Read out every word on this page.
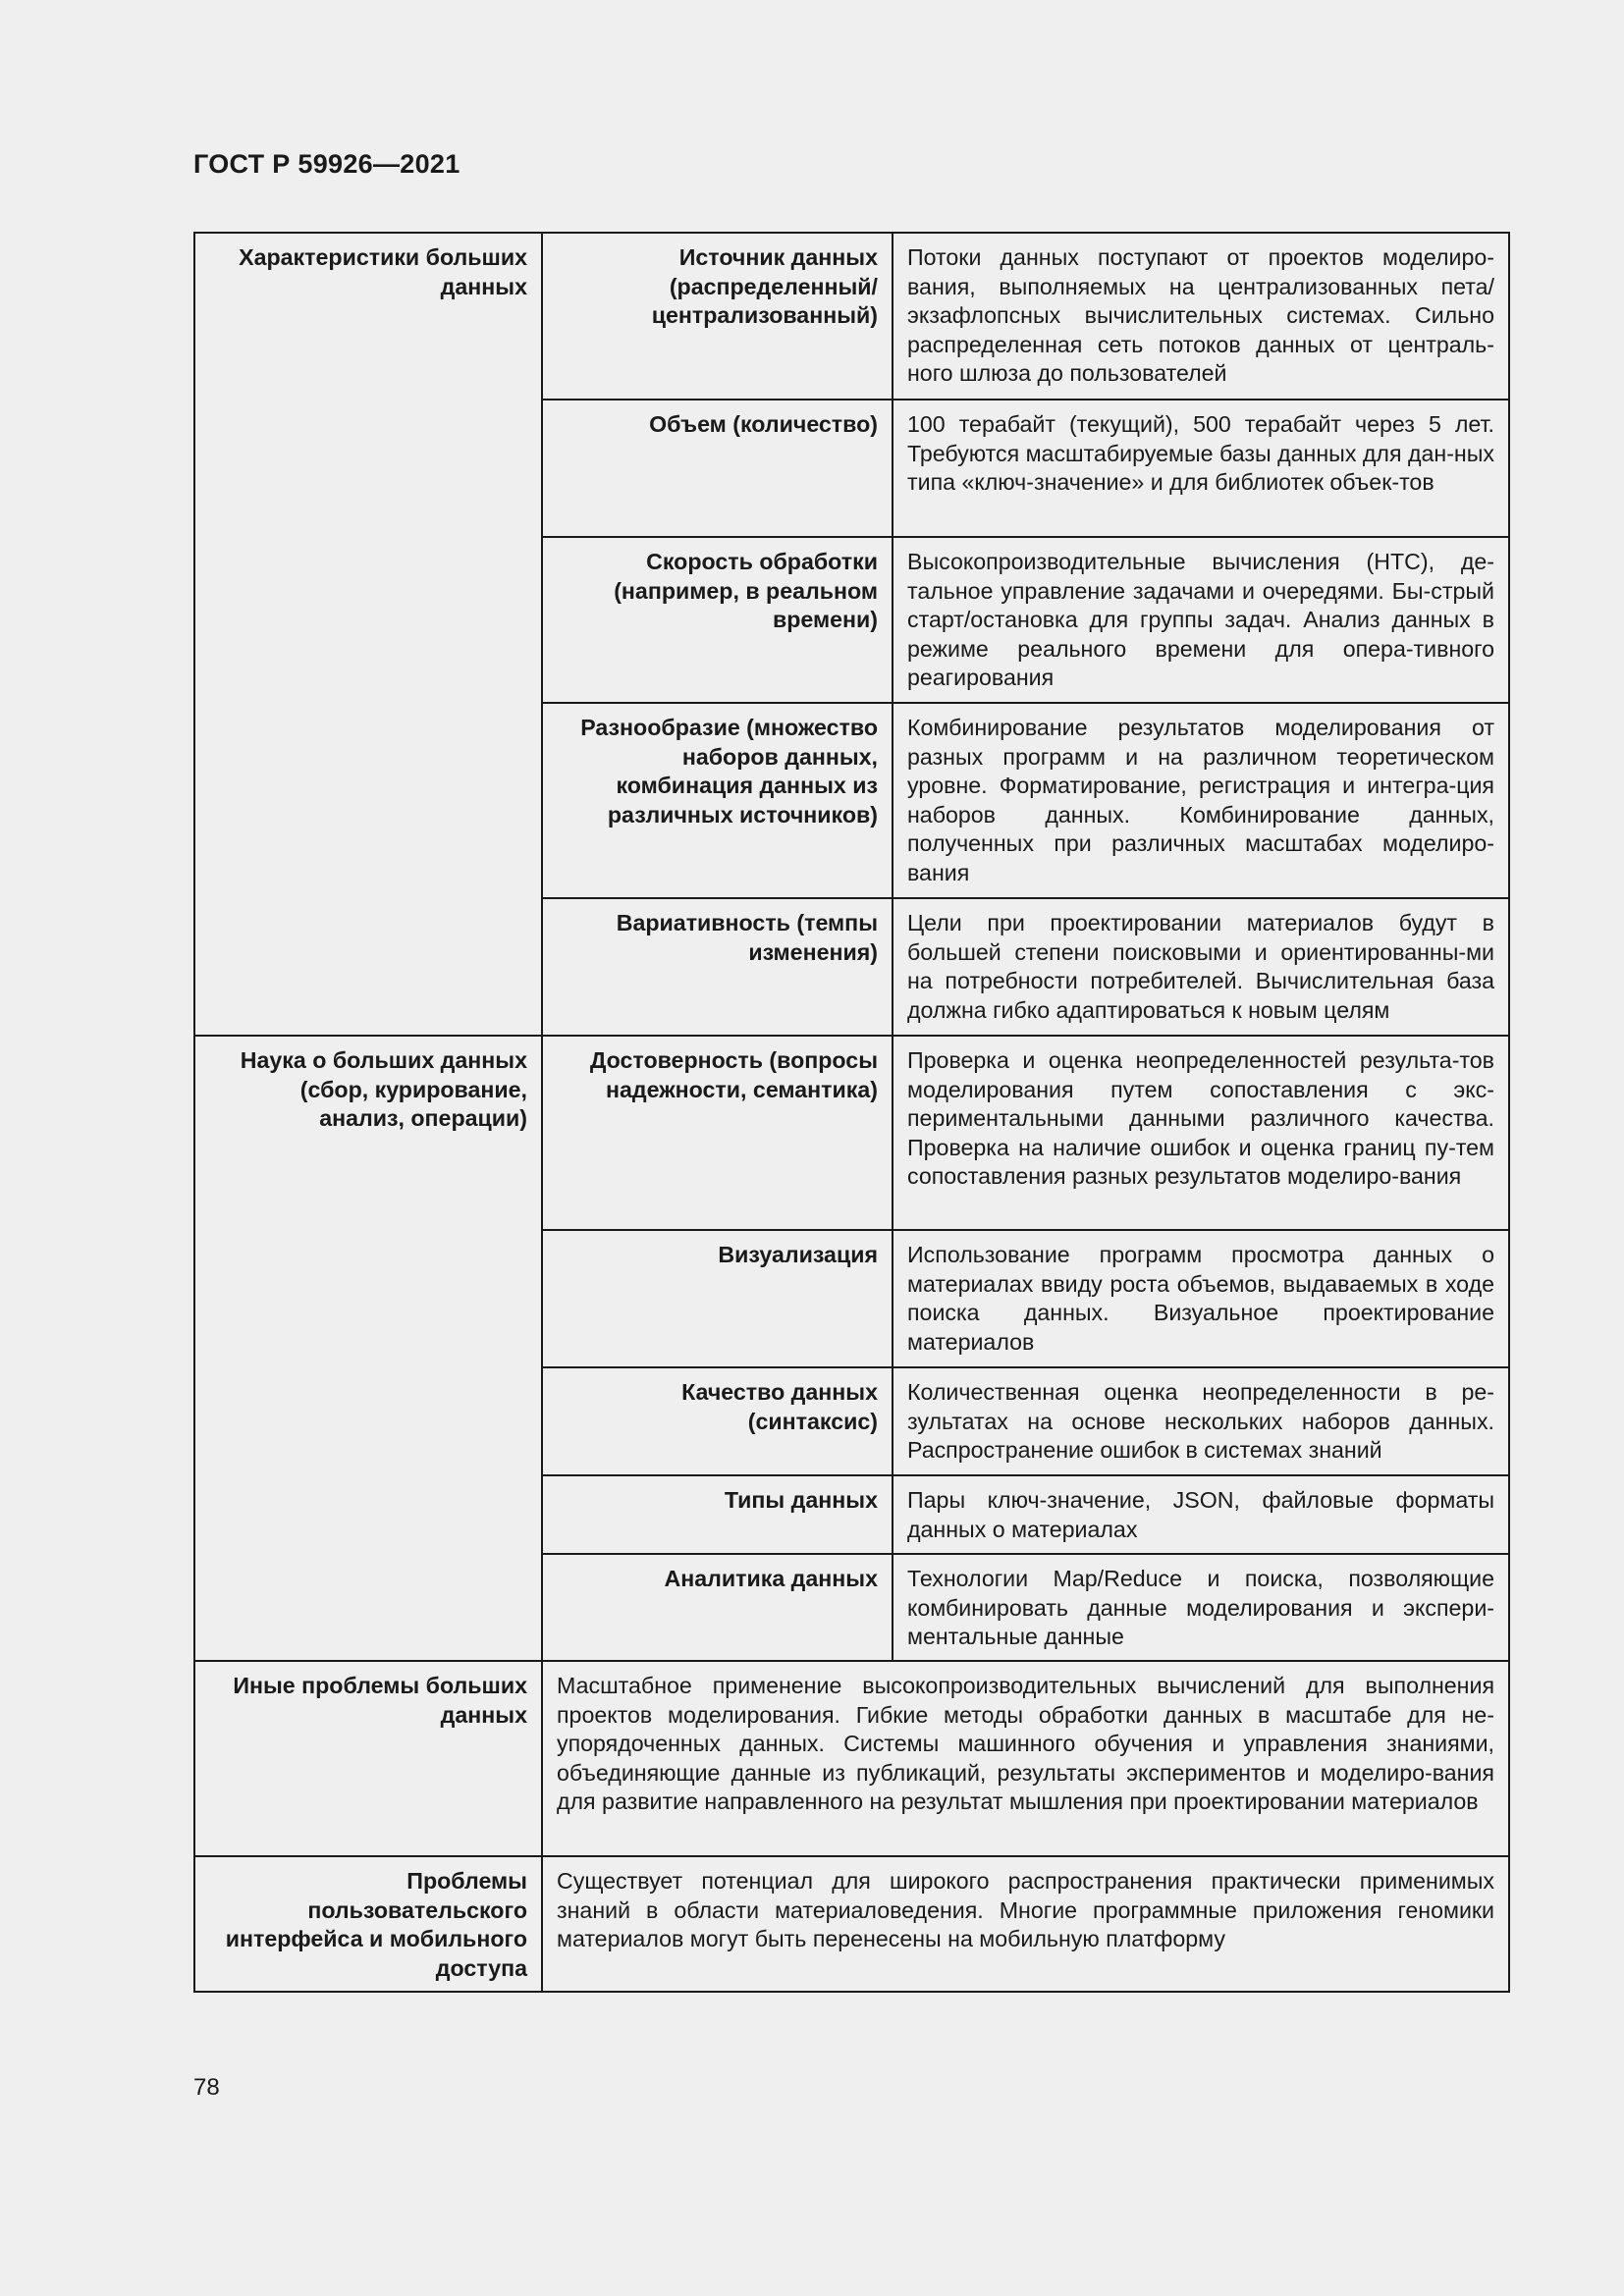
ГОСТ Р 59926—2021
Характеристики больших данных	Источник данных (распределенный/ централизованный)	Потоки данных поступают от проектов моделиро-вания, выполняемых на централизованных пета/ экзафлопсных вычислительных системах. Сильно распределенная сеть потоков данных от централь-ного шлюза до пользователей
	Объем (количество)	100 терабайт (текущий), 500 терабайт через 5 лет. Требуются масштабируемые базы данных для дан-ных типа «ключ-значение» и для библиотек объек-тов
	Скорость обработки (например, в реальном времени)	Высокопроизводительные вычисления (НТС), де-тальное управление задачами и очередями. Бы-стрый старт/остановка для группы задач. Анализ данных в режиме реального времени для опера-тивного реагирования
	Разнообразие (множество наборов данных, комбинация данных из различных источников)	Комбинирование результатов моделирования от разных программ и на различном теоретическом уровне. Форматирование, регистрация и интегра-ция наборов данных. Комбинирование данных, полученных при различных масштабах моделиро-вания
	Вариативность (темпы изменения)	Цели при проектировании материалов будут в большей степени поисковыми и ориентированны-ми на потребности потребителей. Вычислительная база должна гибко адаптироваться к новым целям
Наука о больших данных (сбор, курирование, анализ, операции)	Достоверность (вопросы надежности, семантика)	Проверка и оценка неопределенностей результа-тов моделирования путем сопоставления с экс-периментальными данными различного качества. Проверка на наличие ошибок и оценка границ пу-тем сопоставления разных результатов моделиро-вания
	Визуализация	Использование программ просмотра данных о материалах ввиду роста объемов, выдаваемых в ходе поиска данных. Визуальное проектирование материалов
	Качество данных (синтаксис)	Количественная оценка неопределенности в ре-зультатах на основе нескольких наборов данных. Распространение ошибок в системах знаний
	Типы данных	Пары ключ-значение, JSON, файловые форматы данных о материалах
	Аналитика данных	Технологии Map/Reduce и поиска, позволяющие комбинировать данные моделирования и экспери-ментальные данные
Иные проблемы больших данных	Масштабное применение высокопроизводительных вычислений для выполнения проектов моделирования. Гибкие методы обработки данных в масштабе для не-упорядоченных данных. Системы машинного обучения и управления знаниями, объединяющие данные из публикаций, результаты экспериментов и моделиро-вания для развитие направленного на результат мышления при проектировании материалов	
Проблемы пользовательского интерфейса и мобильного доступа	Существует потенциал для широкого распространения практически применимых знаний в области материаловедения. Многие программные приложения геномики материалов могут быть перенесены на мобильную платформу	
78
